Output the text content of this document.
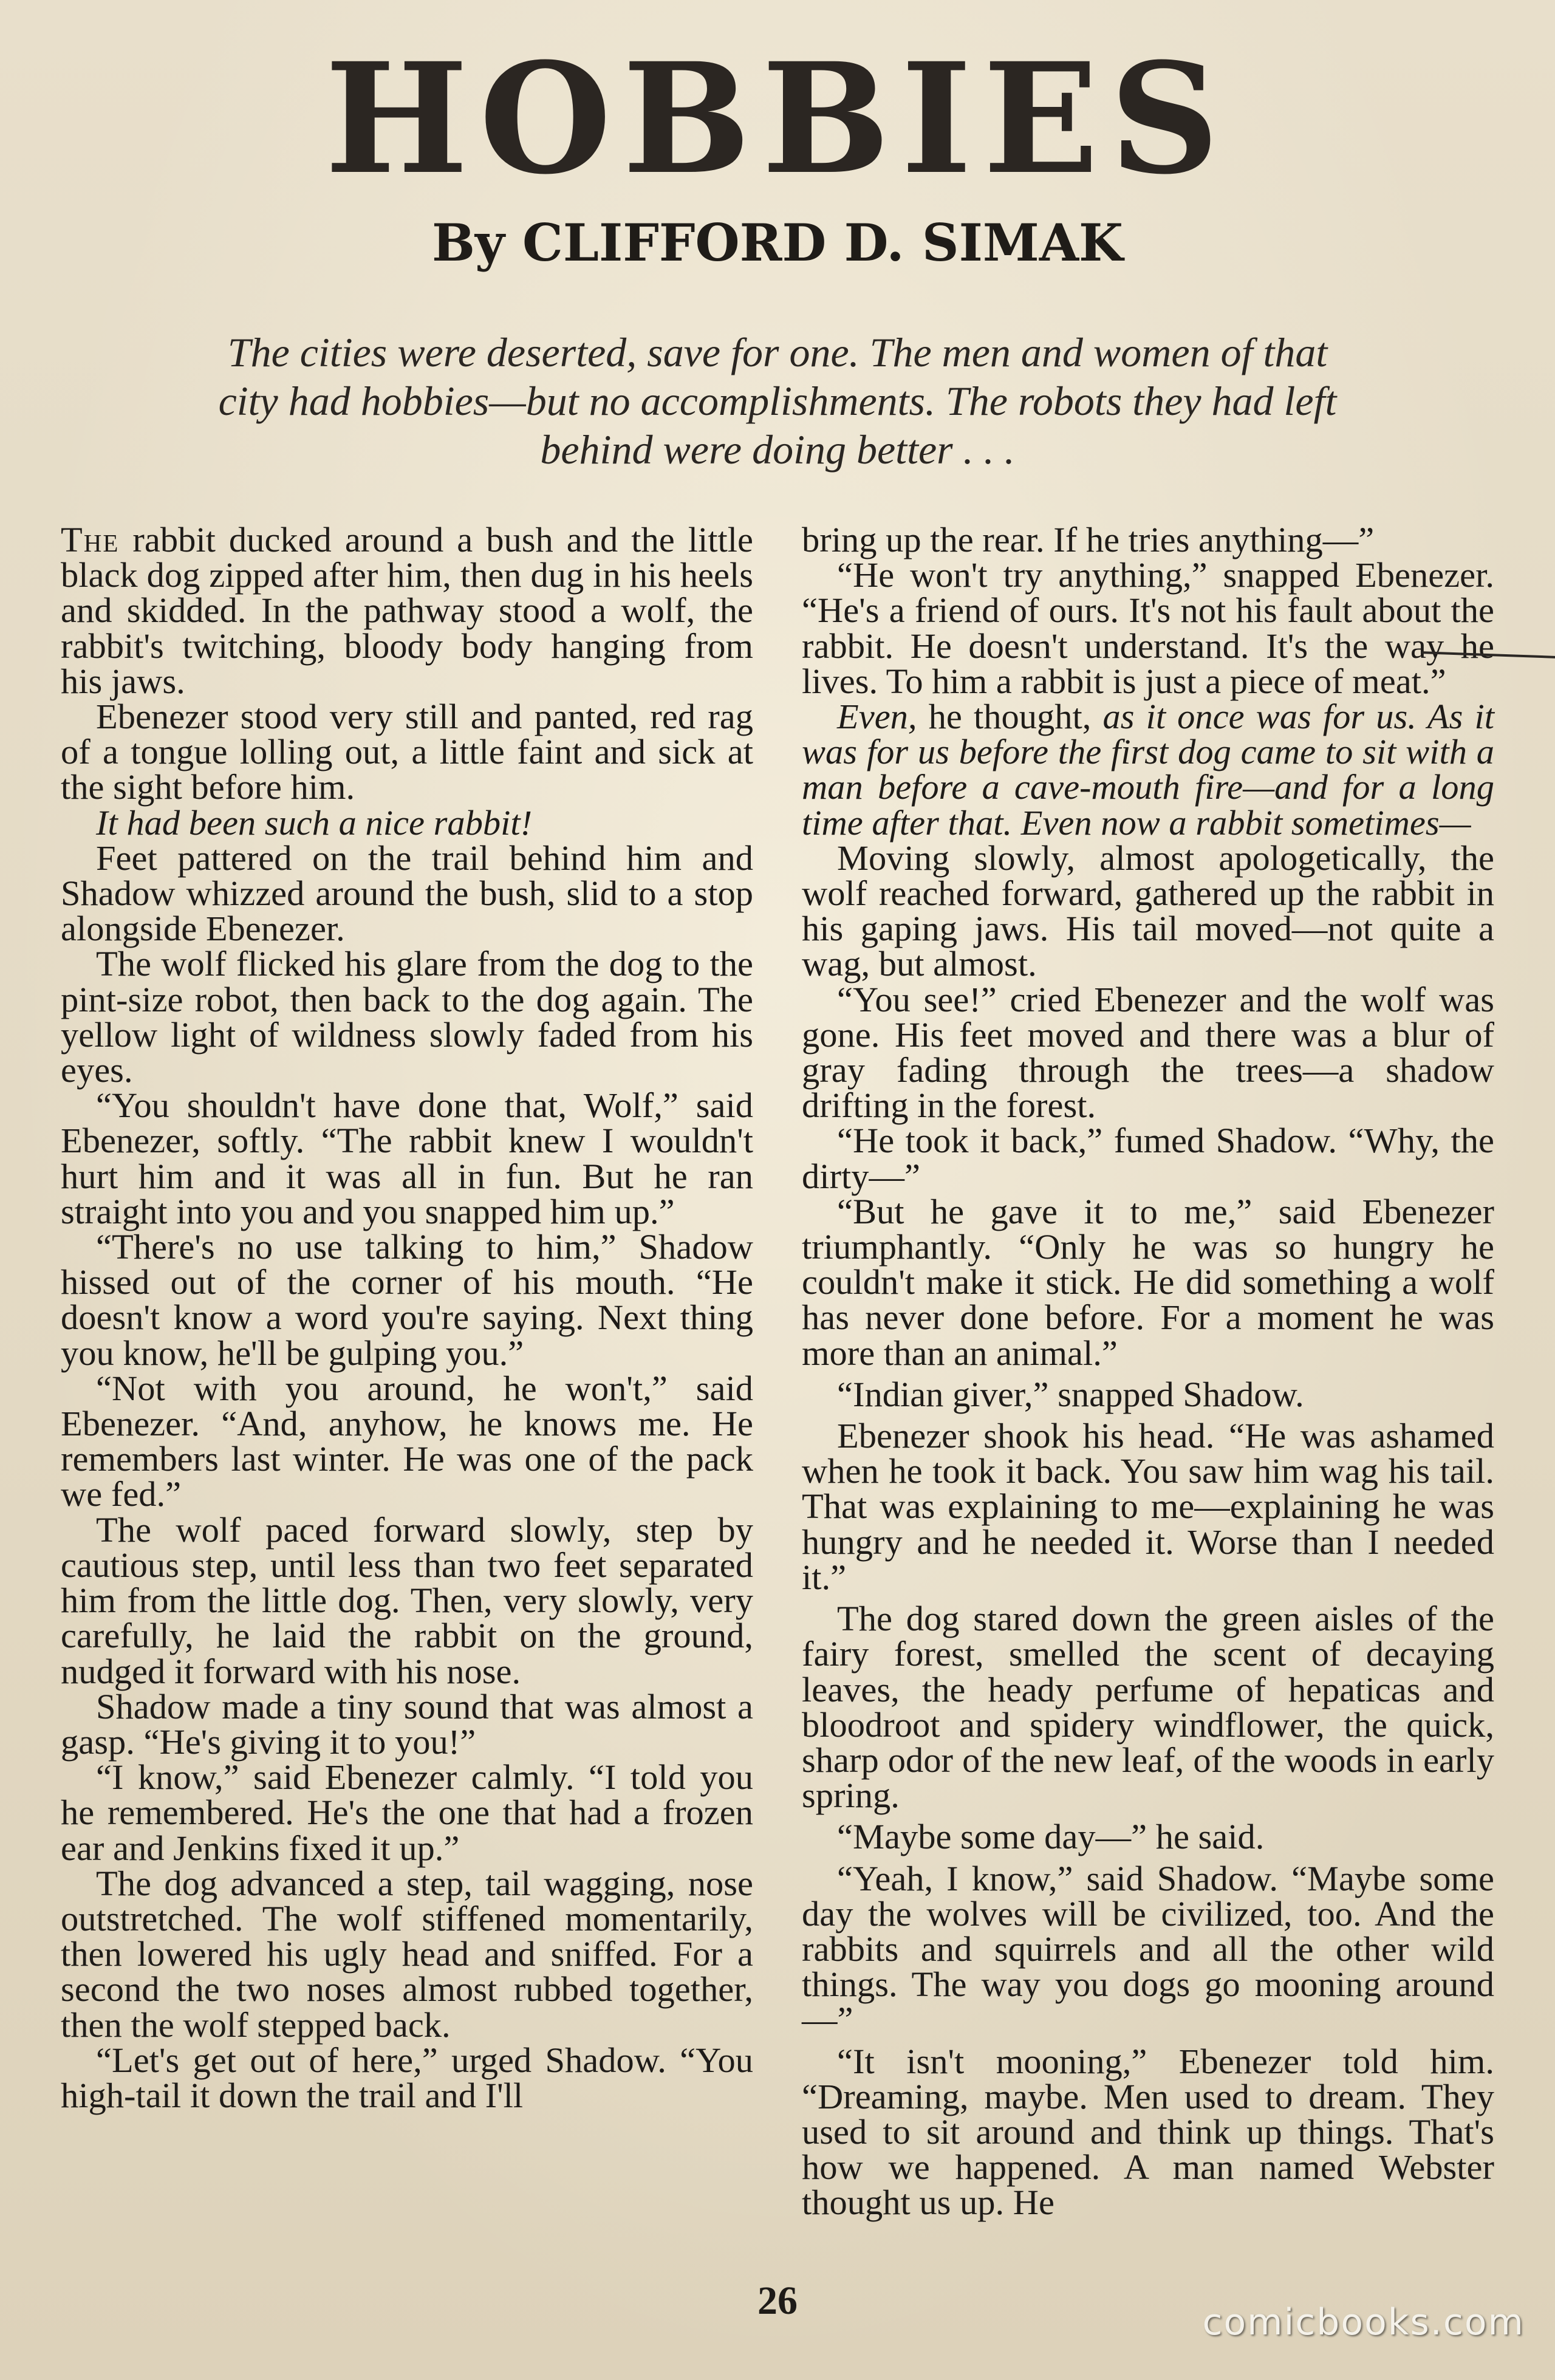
HOBBIES
By CLIFFORD D. SIMAK

The cities were deserted, save for one. The men and women of that

city had hobbies—but no accomplishments. The robots they had left

behind were doing better . . .

The rabbit ducked around a bush and the little black dog zipped after him, then dug in his heels and skidded. In the pathway stood a wolf, the rabbit's twitching, bloody body hanging from his jaws.

Ebenezer stood very still and panted, red rag of a tongue lolling out, a little faint and sick at the sight before him.

It had been such a nice rabbit!

Feet pattered on the trail behind him and Shadow whizzed around the bush, slid to a stop alongside Ebenezer.

The wolf flicked his glare from the dog to the pint-size robot, then back to the dog again. The yellow light of wildness slowly faded from his eyes.

“You shouldn't have done that, Wolf,” said Ebenezer, softly. “The rabbit knew I wouldn't hurt him and it was all in fun. But he ran straight into you and you snapped him up.”

“There's no use talking to him,” Shadow hissed out of the corner of his mouth. “He doesn't know a word you're saying. Next thing you know, he'll be gulping you.”

“Not with you around, he won't,” said Ebenezer. “And, anyhow, he knows me. He remembers last winter. He was one of the pack we fed.”

The wolf paced forward slowly, step by cautious step, until less than two feet separated him from the little dog. Then, very slowly, very carefully, he laid the rabbit on the ground, nudged it forward with his nose.

Shadow made a tiny sound that was almost a gasp. “He's giving it to you!”

“I know,” said Ebenezer calmly. “I told you he remembered. He's the one that had a frozen ear and Jenkins fixed it up.”

The dog advanced a step, tail wagging, nose outstretched. The wolf stiffened momentarily, then lowered his ugly head and sniffed. For a second the two noses almost rubbed together, then the wolf stepped back.

“Let's get out of here,” urged Shadow. “You high-tail it down the trail and I'll

bring up the rear. If he tries anything—”

“He won't try anything,” snapped Ebenezer. “He's a friend of ours. It's not his fault about the rabbit. He doesn't understand. It's the way he lives. To him a rabbit is just a piece of meat.”

Even, he thought, as it once was for us. As it was for us before the first dog came to sit with a man before a cave-mouth fire—and for a long time after that. Even now a rabbit sometimes—

Moving slowly, almost apologetically, the wolf reached forward, gathered up the rabbit in his gaping jaws. His tail moved—not quite a wag, but almost.

“You see!” cried Ebenezer and the wolf was gone. His feet moved and there was a blur of gray fading through the trees—a shadow drifting in the forest.

“He took it back,” fumed Shadow. “Why, the dirty—”

“But he gave it to me,” said Ebenezer triumphantly. “Only he was so hungry he couldn't make it stick. He did something a wolf has never done before. For a moment he was more than an animal.”

“Indian giver,” snapped Shadow.

Ebenezer shook his head. “He was ashamed when he took it back. You saw him wag his tail. That was explaining to me—explaining he was hungry and he needed it. Worse than I needed it.”

The dog stared down the green aisles of the fairy forest, smelled the scent of decaying leaves, the heady perfume of hepaticas and bloodroot and spidery windflower, the quick, sharp odor of the new leaf, of the woods in early spring.

“Maybe some day—” he said.

“Yeah, I know,” said Shadow. “Maybe some day the wolves will be civilized, too. And the rabbits and squirrels and all the other wild things. The way you dogs go mooning around—”

“It isn't mooning,” Ebenezer told him. “Dreaming, maybe. Men used to dream. They used to sit around and think up things. That's how we happened. A man named Webster thought us up. He

26	comicbooks.com
